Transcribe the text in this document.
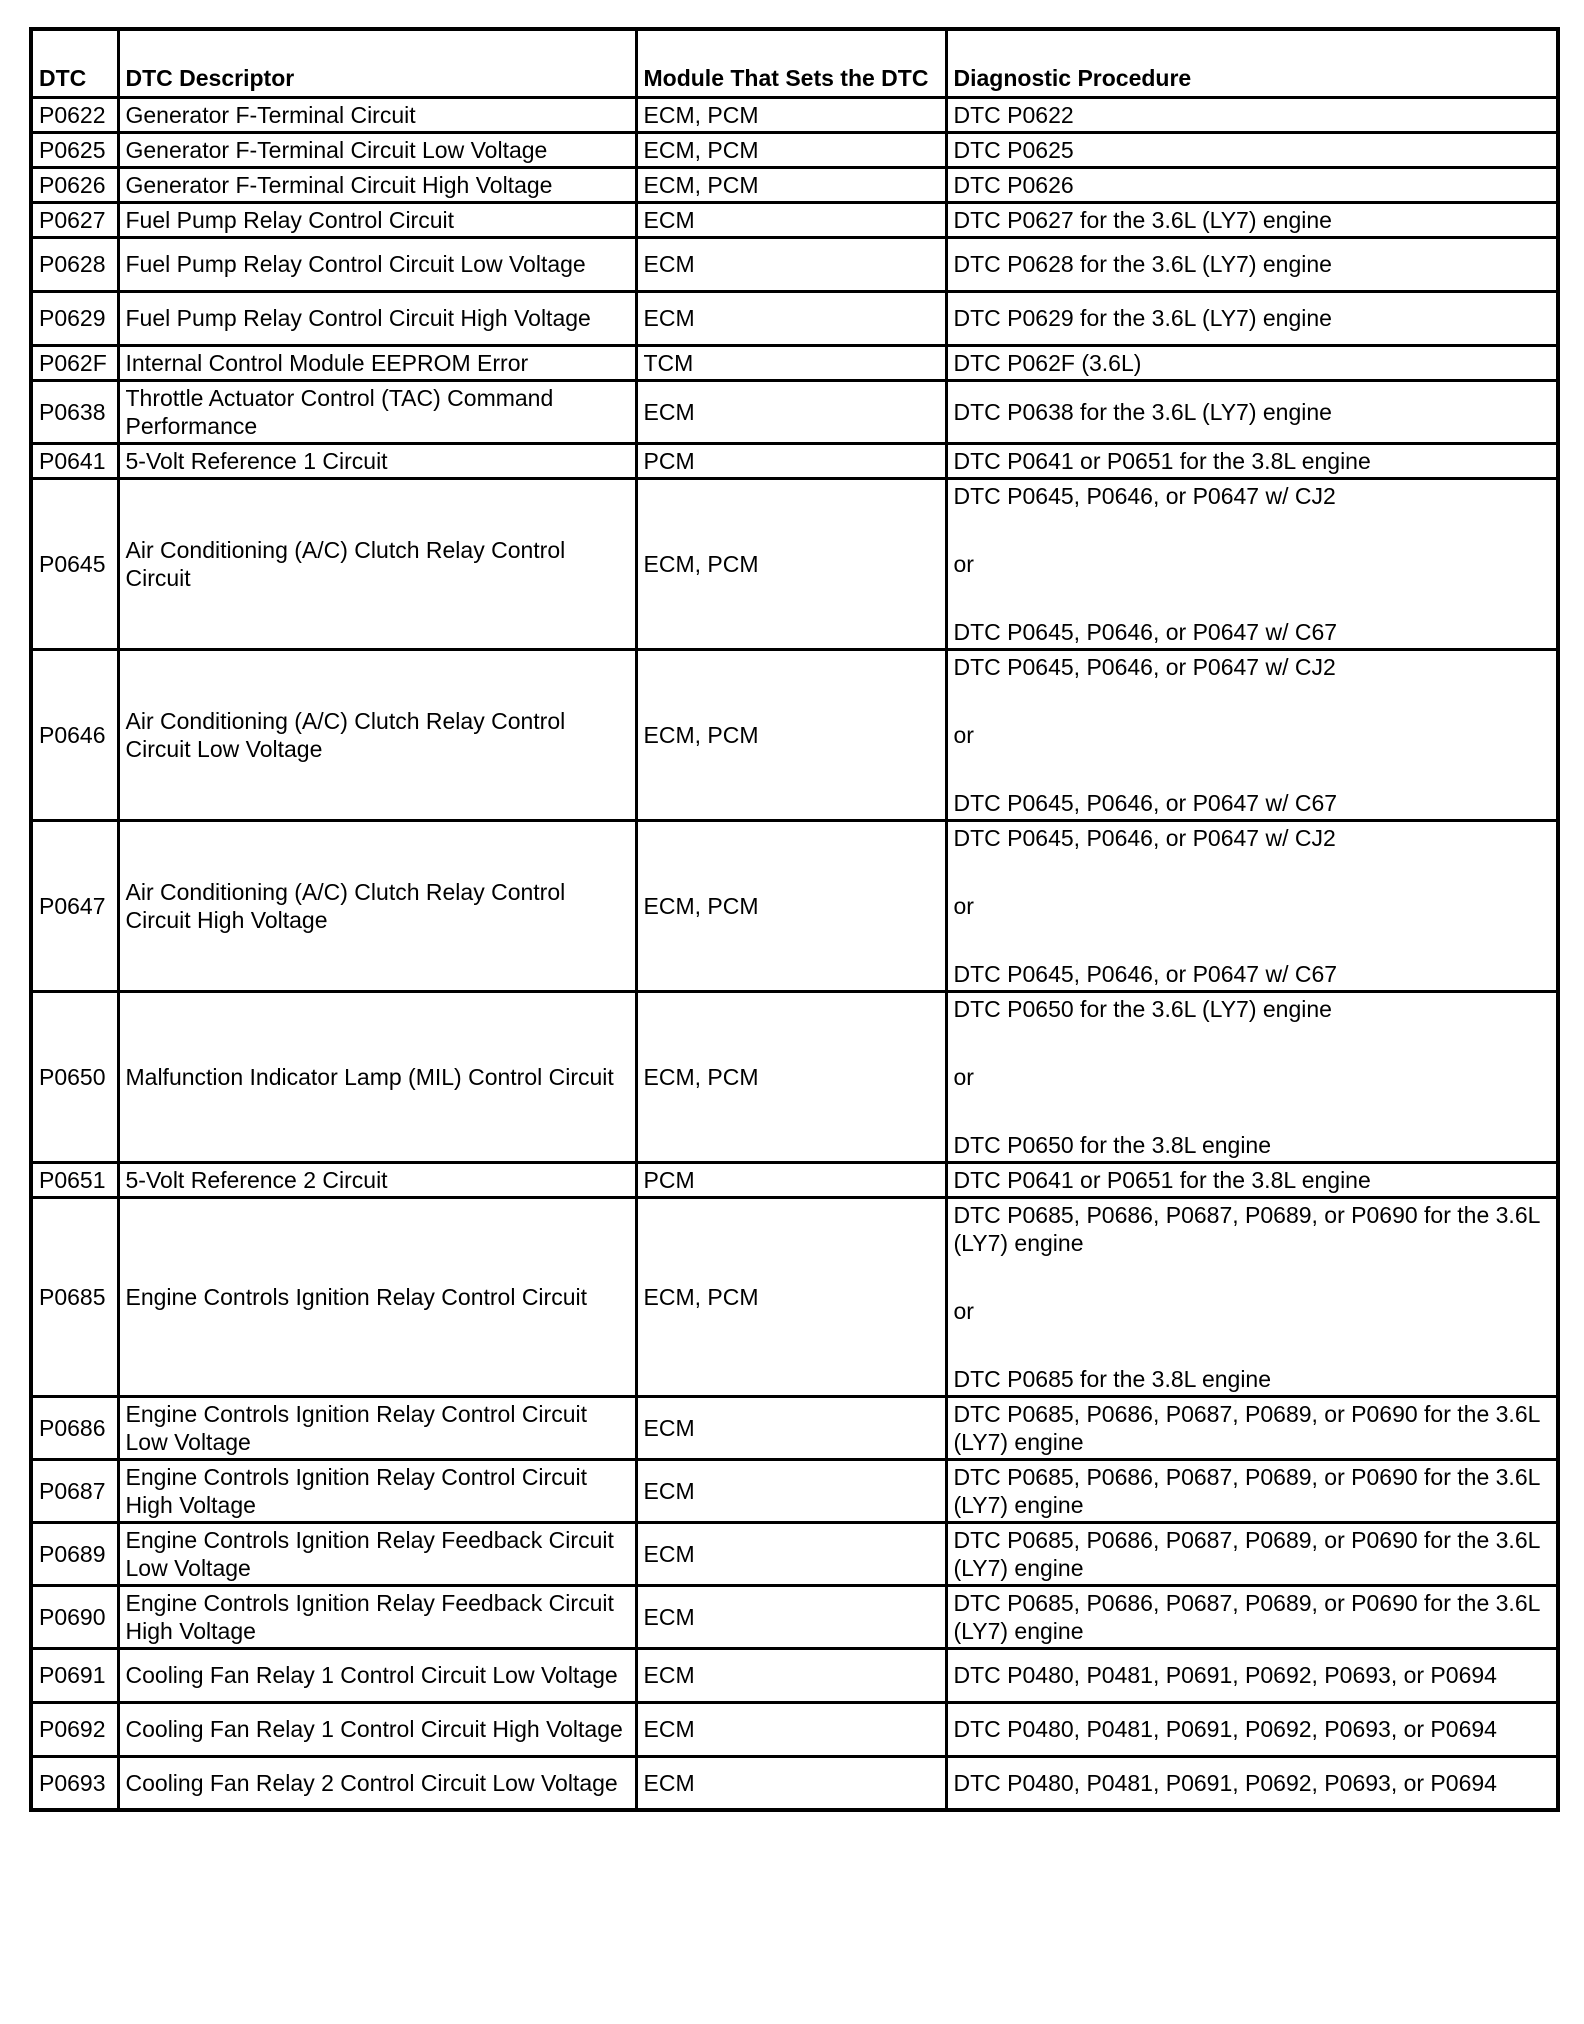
DTC	DTC Descriptor	Module That Sets the DTC	Diagnostic Procedure
P0622	Generator F-Terminal Circuit	ECM, PCM	DTC P0622
P0625	Generator F-Terminal Circuit Low Voltage	ECM, PCM	DTC P0625
P0626	Generator F-Terminal Circuit High Voltage	ECM, PCM	DTC P0626
P0627	Fuel Pump Relay Control Circuit	ECM	DTC P0627 for the 3.6L (LY7) engine
P0628	Fuel Pump Relay Control Circuit Low Voltage	ECM	DTC P0628 for the 3.6L (LY7) engine
P0629	Fuel Pump Relay Control Circuit High Voltage	ECM	DTC P0629 for the 3.6L (LY7) engine
P062F	Internal Control Module EEPROM Error	TCM	DTC P062F (3.6L)
P0638	Throttle Actuator Control (TAC) Command Performance	ECM	DTC P0638 for the 3.6L (LY7) engine
P0641	5-Volt Reference 1 Circuit	PCM	DTC P0641 or P0651 for the 3.8L engine
P0645	Air Conditioning (A/C) Clutch Relay Control Circuit	ECM, PCM	DTC P0645, P0646, or P0647 w/ CJ2
or
DTC P0645, P0646, or P0647 w/ C67

P0646	Air Conditioning (A/C) Clutch Relay Control Circuit Low Voltage	ECM, PCM	DTC P0645, P0646, or P0647 w/ CJ2
or
DTC P0645, P0646, or P0647 w/ C67

P0647	Air Conditioning (A/C) Clutch Relay Control Circuit High Voltage	ECM, PCM	DTC P0645, P0646, or P0647 w/ CJ2
or
DTC P0645, P0646, or P0647 w/ C67

P0650	Malfunction Indicator Lamp (MIL) Control Circuit	ECM, PCM	DTC P0650 for the 3.6L (LY7) engine
or
DTC P0650 for the 3.8L engine

P0651	5-Volt Reference 2 Circuit	PCM	DTC P0641 or P0651 for the 3.8L engine
P0685	Engine Controls Ignition Relay Control Circuit	ECM, PCM	DTC P0685, P0686, P0687, P0689, or P0690 for the 3.6L (LY7) engine
or
DTC P0685 for the 3.8L engine

P0686	Engine Controls Ignition Relay Control Circuit Low Voltage	ECM	DTC P0685, P0686, P0687, P0689, or P0690 for the 3.6L (LY7) engine
P0687	Engine Controls Ignition Relay Control Circuit High Voltage	ECM	DTC P0685, P0686, P0687, P0689, or P0690 for the 3.6L (LY7) engine
P0689	Engine Controls Ignition Relay Feedback Circuit Low Voltage	ECM	DTC P0685, P0686, P0687, P0689, or P0690 for the 3.6L (LY7) engine
P0690	Engine Controls Ignition Relay Feedback Circuit High Voltage	ECM	DTC P0685, P0686, P0687, P0689, or P0690 for the 3.6L (LY7) engine
P0691	Cooling Fan Relay 1 Control Circuit Low Voltage	ECM	DTC P0480, P0481, P0691, P0692, P0693, or P0694
P0692	Cooling Fan Relay 1 Control Circuit High Voltage	ECM	DTC P0480, P0481, P0691, P0692, P0693, or P0694
P0693	Cooling Fan Relay 2 Control Circuit Low Voltage	ECM	DTC P0480, P0481, P0691, P0692, P0693, or P0694
